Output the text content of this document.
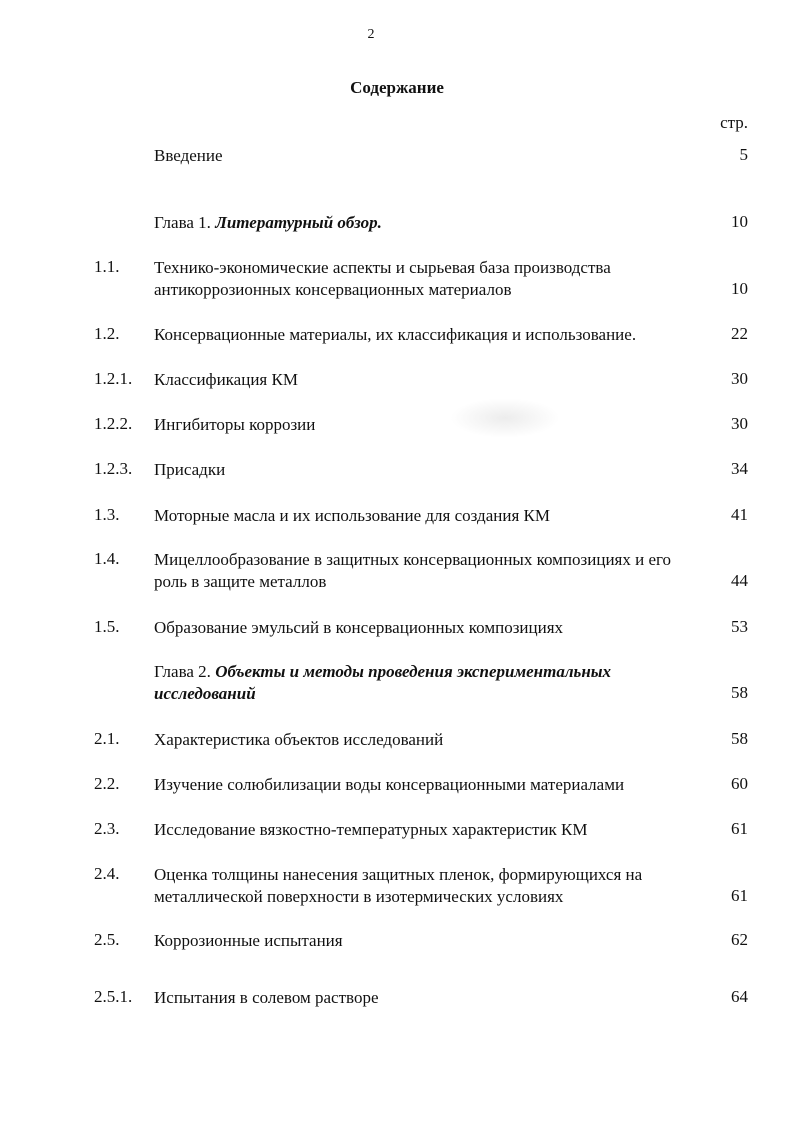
2
Содержание
стр.
Введение	5
Глава 1. Литературный обзор.	10
1.1. Технико-экономические аспекты и сырьевая база производства антикоррозионных консервационных материалов	10
1.2. Консервационные материалы, их классификация и использование.	22
1.2.1. Классификация КМ	30
1.2.2. Ингибиторы коррозии	30
1.2.3. Присадки	34
1.3. Моторные масла и их использование для создания КМ	41
1.4. Мицеллообразование в защитных консервационных композициях и его роль в защите металлов	44
1.5. Образование эмульсий в консервационных композициях	53
Глава 2. Объекты и методы проведения экспериментальных исследований	58
2.1. Характеристика объектов исследований	58
2.2. Изучение солюбилизации воды консервационными материалами	60
2.3. Исследование вязкостно-температурных характеристик КМ	61
2.4. Оценка толщины нанесения защитных пленок, формирующихся на металлической поверхности в изотермических условиях	61
2.5. Коррозионные испытания	62
2.5.1. Испытания в солевом растворе	64
